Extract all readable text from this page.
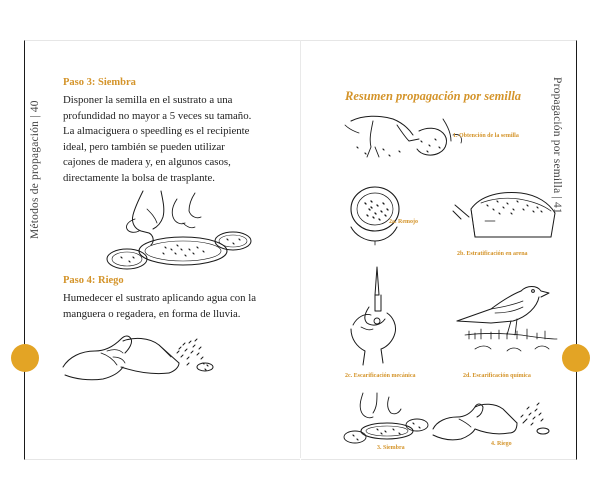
Métodos de propagación | 40
Paso 3: Siembra
Disponer la semilla en el sustrato a una
profundidad no mayor a 5 veces su tamaño.
La almaciguera o speedling es el recipiente
ideal, pero también se pueden utilizar
cajones de madera y, en algunos casos,
directamente la bolsa de trasplante.
Paso 4: Riego
Humedecer el sustrato aplicando agua con la
manguera o regadera, en forma de lluvia.
Propagación por semilla | 41
Resumen propagación por semilla
1. Obtención de la semilla
2a. Remojo
2b. Estratificación en arena
2c. Escarificación mecánica	2d. Escarificación química
3. Siembra
4. Riego
